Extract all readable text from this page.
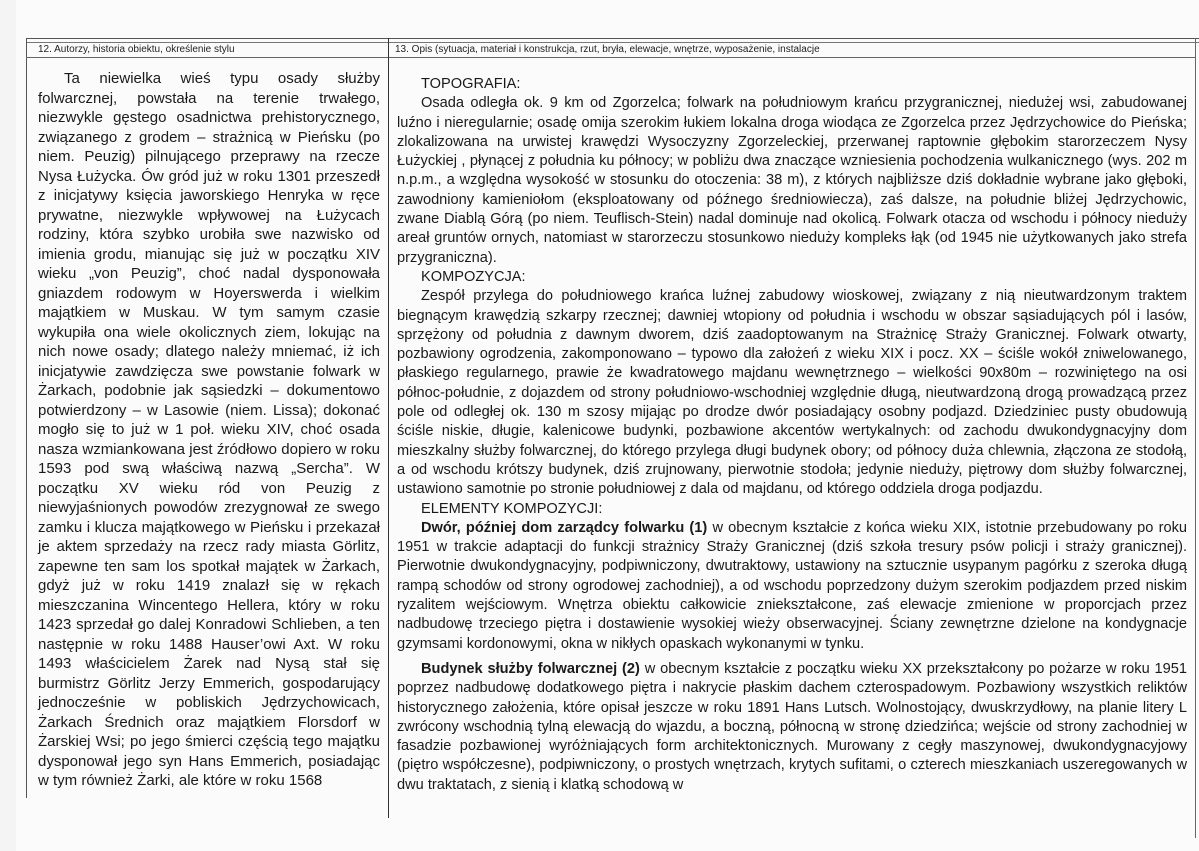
12. Autorzy, historia obiektu, określenie stylu	13. Opis (sytuacja, materiał i konstrukcja, rzut, bryła, elewacje, wnętrze, wyposażenie, instalacje
Ta niewielka wieś typu osady służby folwarcznej, powstała na terenie trwałego, niezwykle gęstego osadnictwa prehistorycznego, związanego z grodem – strażnicą w Pieńsku (po niem. Peuzig) pilnującego przeprawy na rzecze Nysa Łużycka. Ów gród już w roku 1301 przeszedł z inicjatywy księcia jaworskiego Henryka w ręce prywatne, niezwykle wpływowej na Łużycach rodziny, która szybko urobiła swe nazwisko od imienia grodu, mianując się już w początku XIV wieku „von Peuzig”, choć nadal dysponowała gniazdem rodowym w Hoyerswerda i wielkim majątkiem w Muskau. W tym samym czasie wykupiła ona wiele okolicznych ziem, lokując na nich nowe osady; dlatego należy mniemać, iż ich inicjatywie zawdzięcza swe powstanie folwark w Żarkach, podobnie jak sąsiedzki – dokumentowo potwierdzony – w Lasowie (niem. Lissa); dokonać mogło się to już w 1 poł. wieku XIV, choć osada nasza wzmiankowana jest źródłowo dopiero w roku 1593 pod swą właściwą nazwą „Sercha”. W początku XV wieku ród von Peuzig z niewyjaśnionych powodów zrezygnował ze swego zamku i klucza majątkowego w Pieńsku i przekazał je aktem sprzedaży na rzecz rady miasta Görlitz, zapewne ten sam los spotkał majątek w Żarkach, gdyż już w roku 1419 znalazł się w rękach mieszczanina Wincentego Hellera, który w roku 1423 sprzedał go dalej Konradowi Schlieben, a ten następnie w roku 1488 Hauser’owi Axt. W roku 1493 właścicielem Żarek nad Nysą stał się burmistrz Görlitz Jerzy Emmerich, gospodarujący jednocześnie w pobliskich Jędrzychowicach, Żarkach Średnich oraz majątkiem Florsdorf w Żarskiej Wsi; po jego śmierci częścią tego majątku dysponował jego syn Hans Emmerich, posiadając w tym również Żarki, ale które w roku 1568

TOPOGRAFIA:

Osada odległa ok. 9 km od Zgorzelca; folwark na południowym krańcu przygranicznej, niedużej wsi, zabudowanej luźno i nieregularnie; osadę omija szerokim łukiem lokalna droga wiodąca ze Zgorzelca przez Jędrzychowice do Pieńska; zlokalizowana na urwistej krawędzi Wysoczyzny Zgorzeleckiej, przerwanej raptownie głębokim starorzeczem Nysy Łużyckiej , płynącej z południa ku północy; w pobliżu dwa znaczące wzniesienia pochodzenia wulkanicznego (wys. 202 m n.p.m., a względna wysokość w stosunku do otoczenia: 38 m), z których najbliższe dziś dokładnie wybrane jako głęboki, zawodniony kamieniołom (eksploatowany od późnego średniowiecza), zaś dalsze, na południe bliżej Jędrzychowic, zwane Diablą Górą (po niem. Teuflisch-Stein) nadal dominuje nad okolicą. Folwark otacza od wschodu i północy nieduży areał gruntów ornych, natomiast w starorzeczu stosunkowo nieduży kompleks łąk (od 1945 nie użytkowanych jako strefa przygraniczna).

KOMPOZYCJA:

Zespół przylega do południowego krańca luźnej zabudowy wioskowej, związany z nią nieutwardzonym traktem biegnącym krawędzią szkarpy rzecznej; dawniej wtopiony od południa i wschodu w obszar sąsiadujących pól i lasów, sprzężony od południa z dawnym dworem, dziś zaadoptowanym na Strażnicę Straży Granicznej. Folwark otwarty, pozbawiony ogrodzenia, zakomponowano – typowo dla założeń z wieku XIX i pocz. XX – ściśle wokół zniwelowanego, płaskiego regularnego, prawie że kwadratowego majdanu wewnętrznego – wielkości 90x80m – rozwiniętego na osi północ-południe, z dojazdem od strony południowo-wschodniej względnie długą, nieutwardzoną drogą prowadzącą przez pole od odległej ok. 130 m szosy mijając po drodze dwór posiadający osobny podjazd. Dziedziniec pusty obudowują ściśle niskie, długie, kalenicowe budynki, pozbawione akcentów wertykalnych: od zachodu dwukondygnacyjny dom mieszkalny służby folwarcznej, do którego przylega długi budynek obory; od północy duża chlewnia, złączona ze stodołą, a od wschodu krótszy budynek, dziś zrujnowany, pierwotnie stodoła; jedynie nieduży, piętrowy dom służby folwarcznej, ustawiono samotnie po stronie południowej z dala od majdanu, od którego oddziela droga podjazdu.

ELEMENTY KOMPOZYCJI:

Dwór, później dom zarządcy folwarku (1) w obecnym kształcie z końca wieku XIX, istotnie przebudowany po roku 1951 w trakcie adaptacji do funkcji strażnicy Straży Granicznej (dziś szkoła tresury psów policji i straży granicznej). Pierwotnie dwukondygnacyjny, podpiwniczony, dwutraktowy, ustawiony na sztucznie usypanym pagórku z szeroka długą rampą schodów od strony ogrodowej zachodniej), a od wschodu poprzedzony dużym szerokim podjazdem przed niskim ryzalitem wejściowym. Wnętrza obiektu całkowicie zniekształcone, zaś elewacje zmienione w proporcjach przez nadbudowę trzeciego piętra i dostawienie wysokiej wieży obserwacyjnej. Ściany zewnętrzne dzielone na kondygnacje gzymsami kordonowymi, okna w nikłych opaskach wykonanymi w tynku.

Budynek służby folwarcznej (2) w obecnym kształcie z początku wieku XX przekształcony po pożarze w roku 1951 poprzez nadbudowę dodatkowego piętra i nakrycie płaskim dachem czterospadowym. Pozbawiony wszystkich reliktów historycznego założenia, które opisał jeszcze w roku 1891 Hans Lutsch. Wolnostojący, dwuskrzydłowy, na planie litery L zwrócony wschodnią tylną elewacją do wjazdu, a boczną, północną w stronę dziedzińca; wejście od strony zachodniej w fasadzie pozbawionej wyróżniających form architektonicznych. Murowany z cegły maszynowej, dwukondygnacyjowy (piętro współczesne), podpiwniczony, o prostych wnętrzach, krytych sufitami, o czterech mieszkaniach uszeregowanych w dwu traktatach, z sienią i klatką schodową w
